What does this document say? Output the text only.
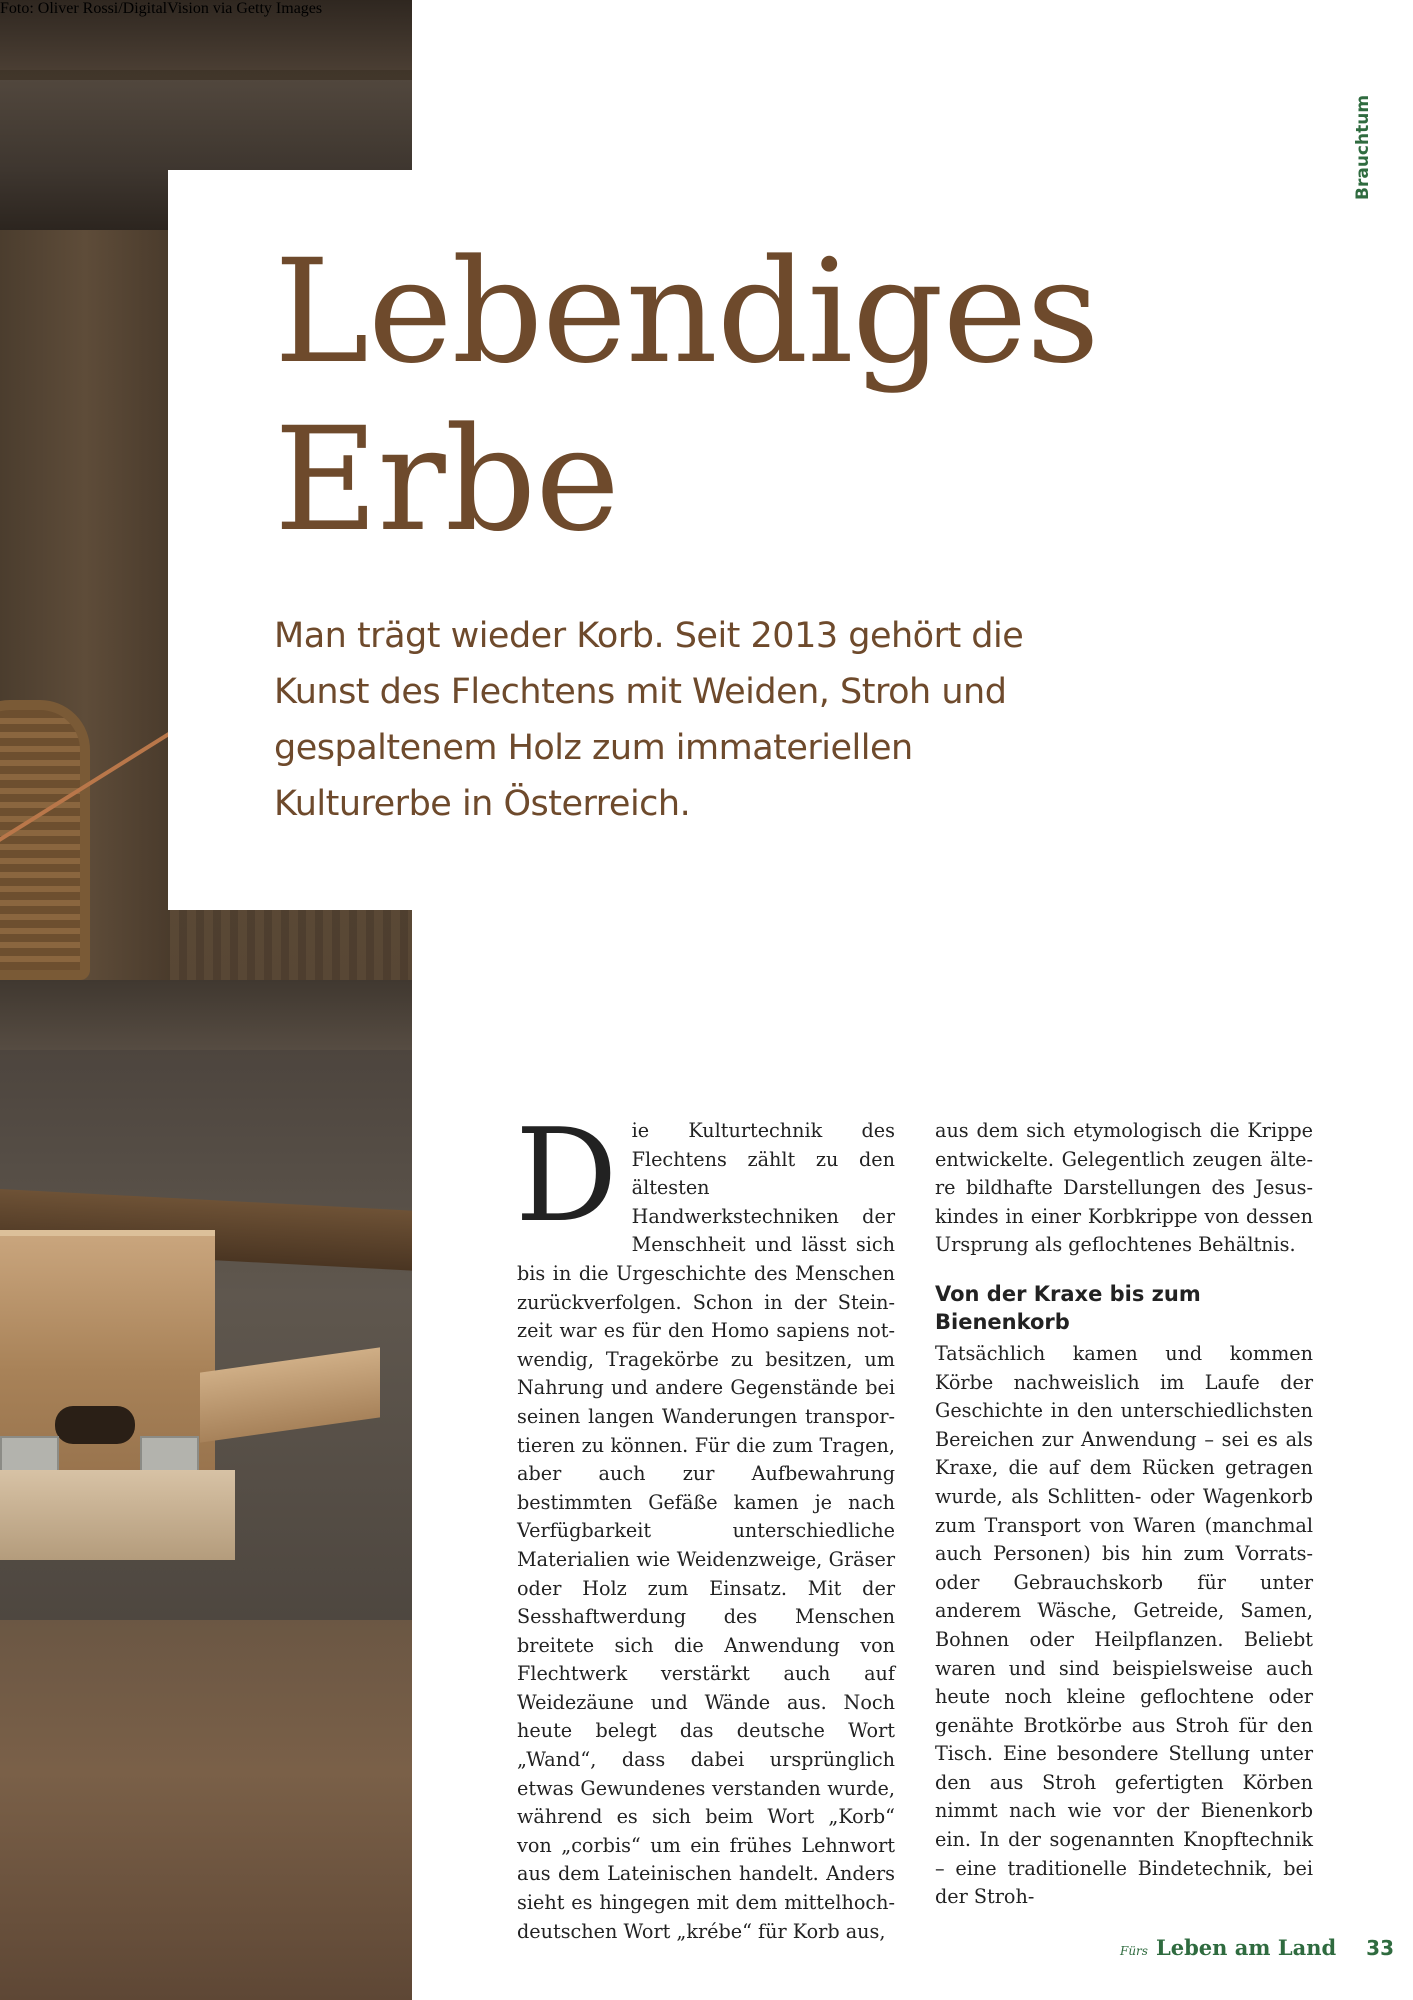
Foto: Oliver Rossi/DigitalVision via Getty Images
Brauchtum
Lebendiges
Erbe

Man trägt wieder Korb. Seit 2013 gehört die Kunst des Flechtens mit Weiden, Stroh und gespaltenem Holz zum immateriellen Kulturerbe in Österreich.

D ie Kulturtechnik des Flechtens zählt zu den ältesten Handwerkstechniken der Menschheit und lässt sich bis in die Urgeschichte des Menschen zurückverfolgen. Schon in der Steinzeit war es für den Homo sapiens notwendig, Tragekörbe zu besitzen, um Nahrung und andere Gegenstände bei seinen langen Wanderungen transportieren zu können. Für die zum Tragen, aber auch zur Aufbewahrung bestimmten Gefäße kamen je nach Verfügbarkeit unterschiedliche Materialien wie Weidenzweige, Gräser oder Holz zum Einsatz. Mit der Sesshaftwerdung des Menschen breitete sich die Anwendung von Flechtwerk verstärkt auch auf Weidezäune und Wände aus. Noch heute belegt das deutsche Wort „Wand“, dass dabei ursprünglich etwas Gewundenes verstanden wurde, während es sich beim Wort „Korb“ von „corbis“ um ein frühes Lehnwort aus dem Lateinischen handelt. Anders sieht es hingegen mit dem mittelhochdeutschen Wort „krébe“ für Korb aus,

aus dem sich etymologisch die Krippe entwickelte. Gelegentlich zeugen ältere bildhafte Darstellungen des Jesuskindes in einer Korbkrippe von dessen Ursprung als geflochtenes Behältnis.

Von der Kraxe bis zum Bienenkorb

Tatsächlich kamen und kommen Körbe nachweislich im Laufe der Geschichte in den unterschiedlichsten Bereichen zur Anwendung – sei es als Kraxe, die auf dem Rücken getragen wurde, als Schlitten- oder Wagenkorb zum Transport von Waren (manchmal auch Personen) bis hin zum Vorrats- oder Gebrauchskorb für unter anderem Wäsche, Getreide, Samen, Bohnen oder Heilpflanzen. Beliebt waren und sind beispielsweise auch heute noch kleine geflochtene oder genähte Brotkörbe aus Stroh für den Tisch. Eine besondere Stellung unter den aus Stroh gefertigten Körben nimmt nach wie vor der Bienenkorb ein. In der sogenannten Knopftechnik – eine traditionelle Bindetechnik, bei der Stroh-

Fürs Leben am Land 33
